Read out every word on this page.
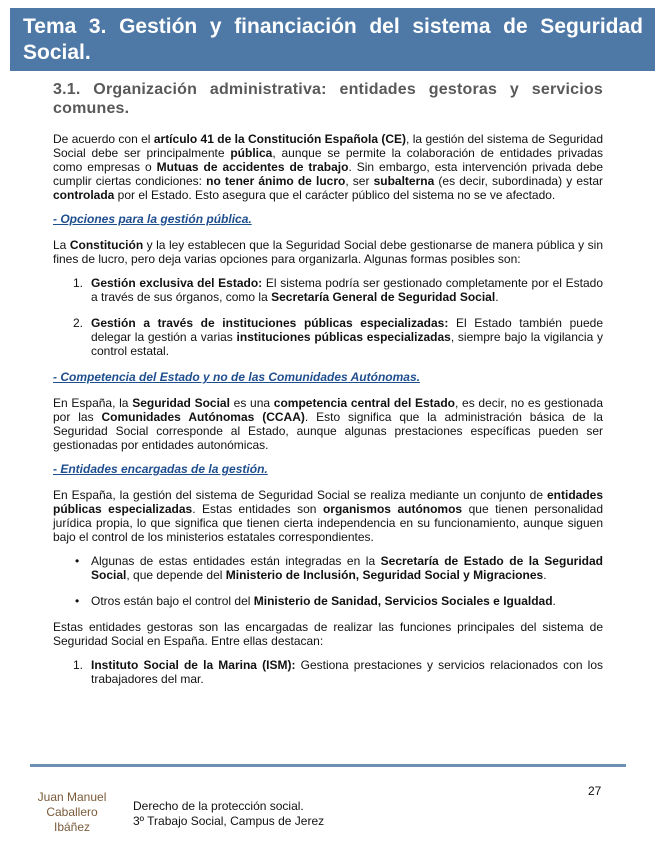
Tema 3. Gestión y financiación del sistema de Seguridad Social.
3.1. Organización administrativa: entidades gestoras y servicios comunes.

De acuerdo con el artículo 41 de la Constitución Española (CE), la gestión del sistema de Seguridad Social debe ser principalmente pública, aunque se permite la colaboración de entidades privadas como empresas o Mutuas de accidentes de trabajo. Sin embargo, esta intervención privada debe cumplir ciertas condiciones: no tener ánimo de lucro, ser subalterna (es decir, subordinada) y estar controlada por el Estado. Esto asegura que el carácter público del sistema no se ve afectado.

- Opciones para la gestión pública.

La Constitución y la ley establecen que la Seguridad Social debe gestionarse de manera pública y sin fines de lucro, pero deja varias opciones para organizarla. Algunas formas posibles son:

1. Gestión exclusiva del Estado: El sistema podría ser gestionado completamente por el Estado a través de sus órganos, como la Secretaría General de Seguridad Social.
2. Gestión a través de instituciones públicas especializadas: El Estado también puede delegar la gestión a varias instituciones públicas especializadas, siempre bajo la vigilancia y control estatal.
- Competencia del Estado y no de las Comunidades Autónomas.

En España, la Seguridad Social es una competencia central del Estado, es decir, no es gestionada por las Comunidades Autónomas (CCAA). Esto significa que la administración básica de la Seguridad Social corresponde al Estado, aunque algunas prestaciones específicas pueden ser gestionadas por entidades autonómicas.

- Entidades encargadas de la gestión.

En España, la gestión del sistema de Seguridad Social se realiza mediante un conjunto de entidades públicas especializadas. Estas entidades son organismos autónomos que tienen personalidad jurídica propia, lo que significa que tienen cierta independencia en su funcionamiento, aunque siguen bajo el control de los ministerios estatales correspondientes.

• Algunas de estas entidades están integradas en la Secretaría de Estado de la Seguridad Social, que depende del Ministerio de Inclusión, Seguridad Social y Migraciones.
• Otros están bajo el control del Ministerio de Sanidad, Servicios Sociales e Igualdad.

Estas entidades gestoras son las encargadas de realizar las funciones principales del sistema de Seguridad Social en España. Entre ellas destacan:

1. Instituto Social de la Marina (ISM): Gestiona prestaciones y servicios relacionados con los trabajadores del mar.
27
Juan Manuel
Caballero
Ibáñez
Derecho de la protección social.
3º Trabajo Social, Campus de Jerez
